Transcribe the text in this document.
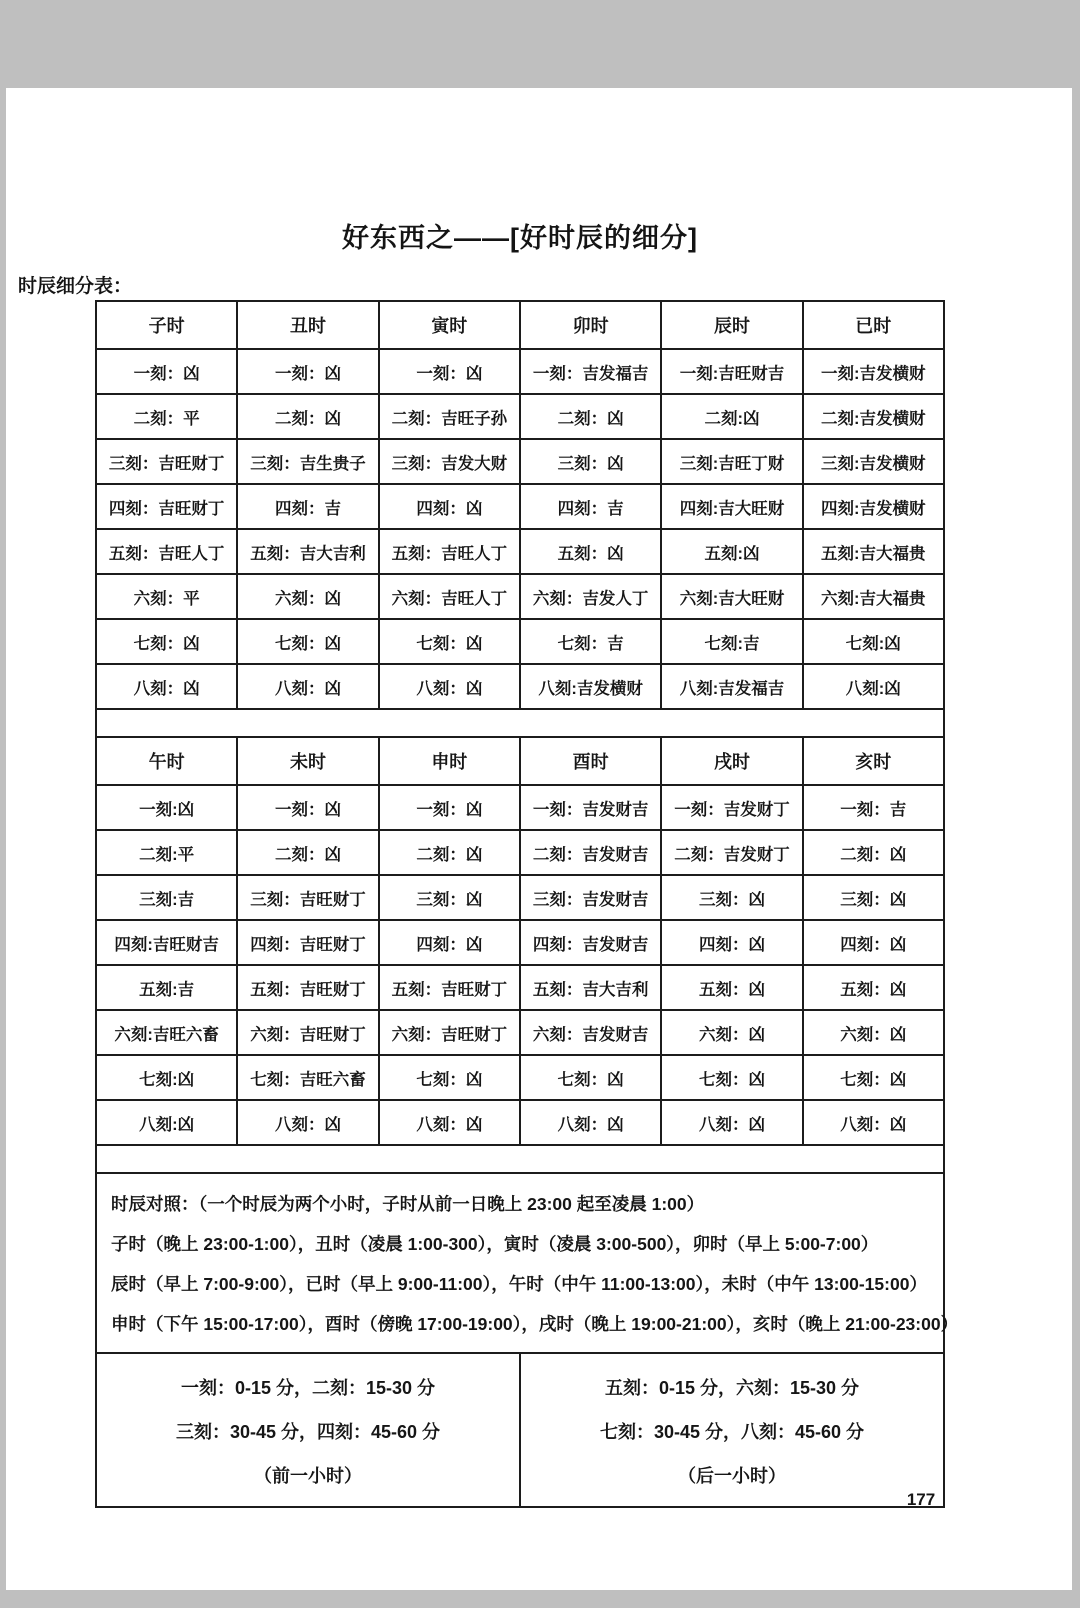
好东西之——[好时辰的细分]
时辰细分表：
子时	丑时	寅时	卯时	辰时	已时
一刻：凶	一刻：凶	一刻：凶	一刻：吉发福吉	一刻:吉旺财吉	一刻:吉发横财
二刻：平	二刻：凶	二刻：吉旺子孙	二刻：凶	二刻:凶	二刻:吉发横财
三刻：吉旺财丁	三刻：吉生贵子	三刻：吉发大财	三刻：凶	三刻:吉旺丁财	三刻:吉发横财
四刻：吉旺财丁	四刻：吉	四刻：凶	四刻：吉	四刻:吉大旺财	四刻:吉发横财
五刻：吉旺人丁	五刻：吉大吉利	五刻：吉旺人丁	五刻：凶	五刻:凶	五刻:吉大福贵
六刻：平	六刻：凶	六刻：吉旺人丁	六刻：吉发人丁	六刻:吉大旺财	六刻:吉大福贵
七刻：凶	七刻：凶	七刻：凶	七刻：吉	七刻:吉	七刻:凶
八刻：凶	八刻：凶	八刻：凶	八刻:吉发横财	八刻:吉发福吉	八刻:凶
午时	未时	申时	酉时	戌时	亥时
一刻:凶	一刻：凶	一刻：凶	一刻：吉发财吉	一刻：吉发财丁	一刻：吉
二刻:平	二刻：凶	二刻：凶	二刻：吉发财吉	二刻：吉发财丁	二刻：凶
三刻:吉	三刻：吉旺财丁	三刻：凶	三刻：吉发财吉	三刻：凶	三刻：凶
四刻:吉旺财吉	四刻：吉旺财丁	四刻：凶	四刻：吉发财吉	四刻：凶	四刻：凶
五刻:吉	五刻：吉旺财丁	五刻：吉旺财丁	五刻：吉大吉利	五刻：凶	五刻：凶
六刻:吉旺六畜	六刻：吉旺财丁	六刻：吉旺财丁	六刻：吉发财吉	六刻：凶	六刻：凶
七刻:凶	七刻：吉旺六畜	七刻：凶	七刻：凶	七刻：凶	七刻：凶
八刻:凶	八刻：凶	八刻：凶	八刻：凶	八刻：凶	八刻：凶
时辰对照：（一个时辰为两个小时，子时从前一日晚上 23:00 起至凌晨 1:00）
子时（晚上 23:00-1:00），丑时（凌晨 1:00-300），寅时（凌晨 3:00-500），卯时（早上 5:00-7:00）
辰时（早上 7:00-9:00），已时（早上 9:00-11:00），午时（中午 11:00-13:00），未时（中午 13:00-15:00）
申时（下午 15:00-17:00），酉时（傍晚 17:00-19:00），戌时（晚上 19:00-21:00），亥时（晚上 21:00-23:00）
一刻：0-15 分，二刻：15-30 分
三刻：30-45 分，四刻：45-60 分
（前一小时）
五刻：0-15 分，六刻：15-30 分
七刻：30-45 分，八刻：45-60 分
（后一小时）
177
